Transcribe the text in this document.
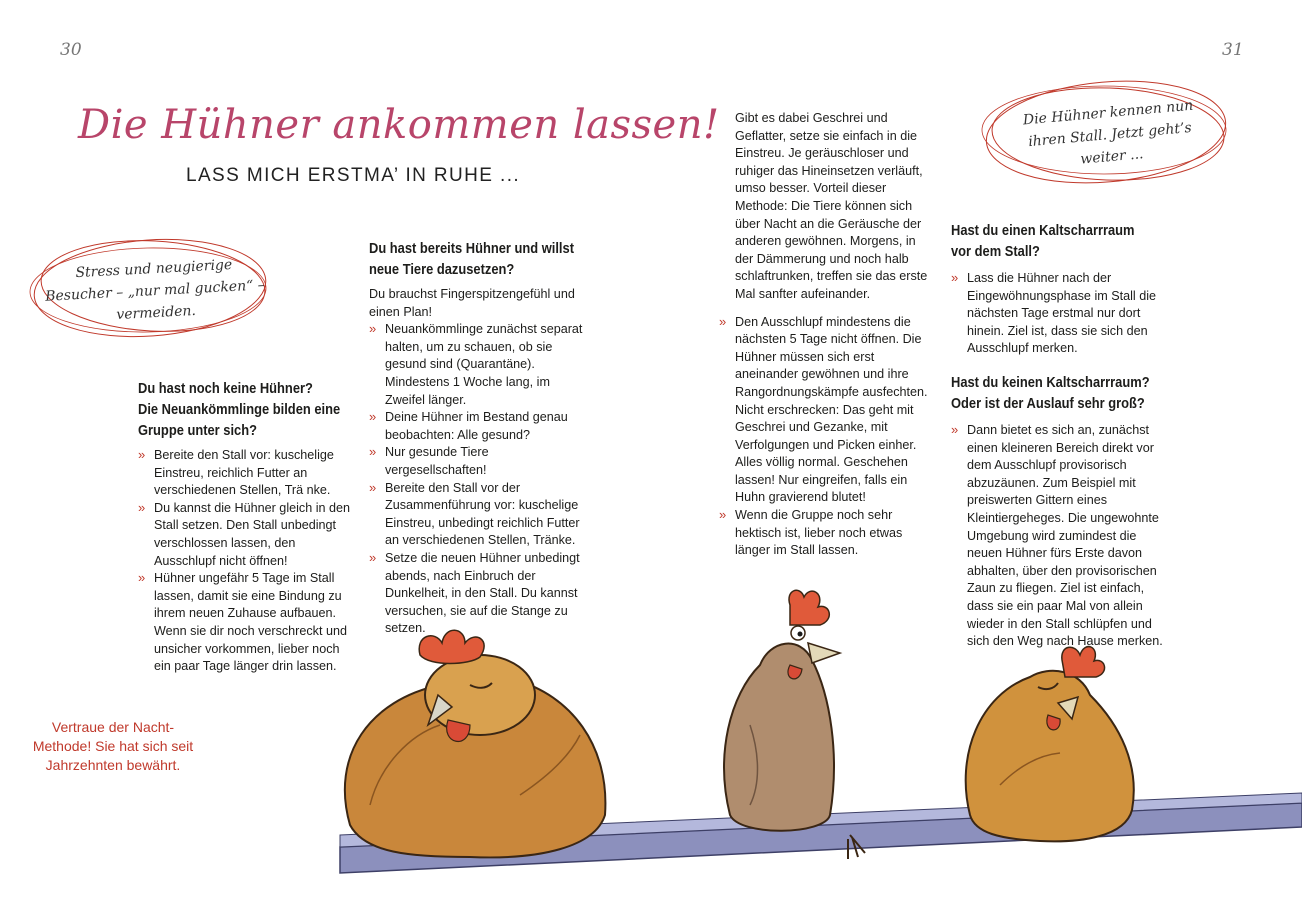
30	31
Die Hühner ankommen lassen!
LASS MICH ERSTMA’ IN RUHE ...
Stress und neugierige
Besucher – „nur mal gucken“ –
vermeiden.
Die Hühner kennen nun
ihren Stall. Jetzt geht’s
weiter ...
Du hast noch keine Hühner?
Die Neuankömmlinge bilden eine
Gruppe unter sich?
» Bereite den Stall vor: kuschelige Einstreu, reichlich Futter an verschiedenen Stellen, Trä nke.
» Du kannst die Hühner gleich in den Stall setzen. Den Stall unbedingt verschlossen lassen, den Ausschlupf nicht öffnen!
» Hühner ungefähr 5 Tage im Stall lassen, damit sie eine Bindung zu ihrem neuen Zuhause aufbauen. Wenn sie dir noch verschreckt und unsicher vorkommen, lieber noch ein paar Tage länger drin lassen.
Vertraue der Nacht-
Methode! Sie hat sich seit
Jahrzehnten bewährt.
Du hast bereits Hühner und willst
neue Tiere dazusetzen?

Du brauchst Fingerspitzengefühl und einen Plan!

» Neuankömmlinge zunächst separat halten, um zu schauen, ob sie gesund sind (Quarantäne). Mindestens 1 Woche lang, im Zweifel länger.
» Deine Hühner im Bestand genau beobachten: Alle gesund?
» Nur gesunde Tiere vergesellschaften!
» Bereite den Stall vor der Zusammenführung vor: kuschelige Einstreu, unbedingt reichlich Futter an verschiedenen Stellen, Tränke.
» Setze die neuen Hühner unbedingt abends, nach Einbruch der Dunkelheit, in den Stall. Du kannst versuchen, sie auf die Stange zu setzen.

Gibt es dabei Geschrei und Geflatter, setze sie einfach in die Einstreu. Je geräuschloser und ruhiger das Hineinsetzen verläuft, umso besser. Vorteil dieser Methode: Die Tiere können sich über Nacht an die Geräusche der anderen gewöhnen. Morgens, in der Dämmerung und noch halb schlaftrunken, treffen sie das erste Mal sanfter aufeinander.

» Den Ausschlupf mindestens die nächsten 5 Tage nicht öffnen. Die Hühner müssen sich erst aneinander gewöhnen und ihre Rangordnungskämpfe ausfechten. Nicht erschrecken: Das geht mit Geschrei und Gezanke, mit Verfolgungen und Picken einher. Alles völlig normal. Geschehen lassen! Nur eingreifen, falls ein Huhn gravierend blutet!
» Wenn die Gruppe noch sehr hektisch ist, lieber noch etwas länger im Stall lassen.
Hast du einen Kaltscharrraum
vor dem Stall?
» Lass die Hühner nach der Eingewöhnungsphase im Stall die nächsten Tage erstmal nur dort hinein. Ziel ist, dass sie sich den Ausschlupf merken.
Hast du keinen Kaltscharrraum?
Oder ist der Auslauf sehr groß?
» Dann bietet es sich an, zunächst einen kleineren Bereich direkt vor dem Ausschlupf provisorisch abzuzäunen. Zum Beispiel mit preiswerten Gittern eines Kleintiergeheges. Die ungewohnte Umgebung wird zumindest die neuen Hühner fürs Erste davon abhalten, über den provisorischen Zaun zu fliegen. Ziel ist einfach, dass sie ein paar Mal von allein wieder in den Stall schlüpfen und sich den Weg nach Hause merken.
